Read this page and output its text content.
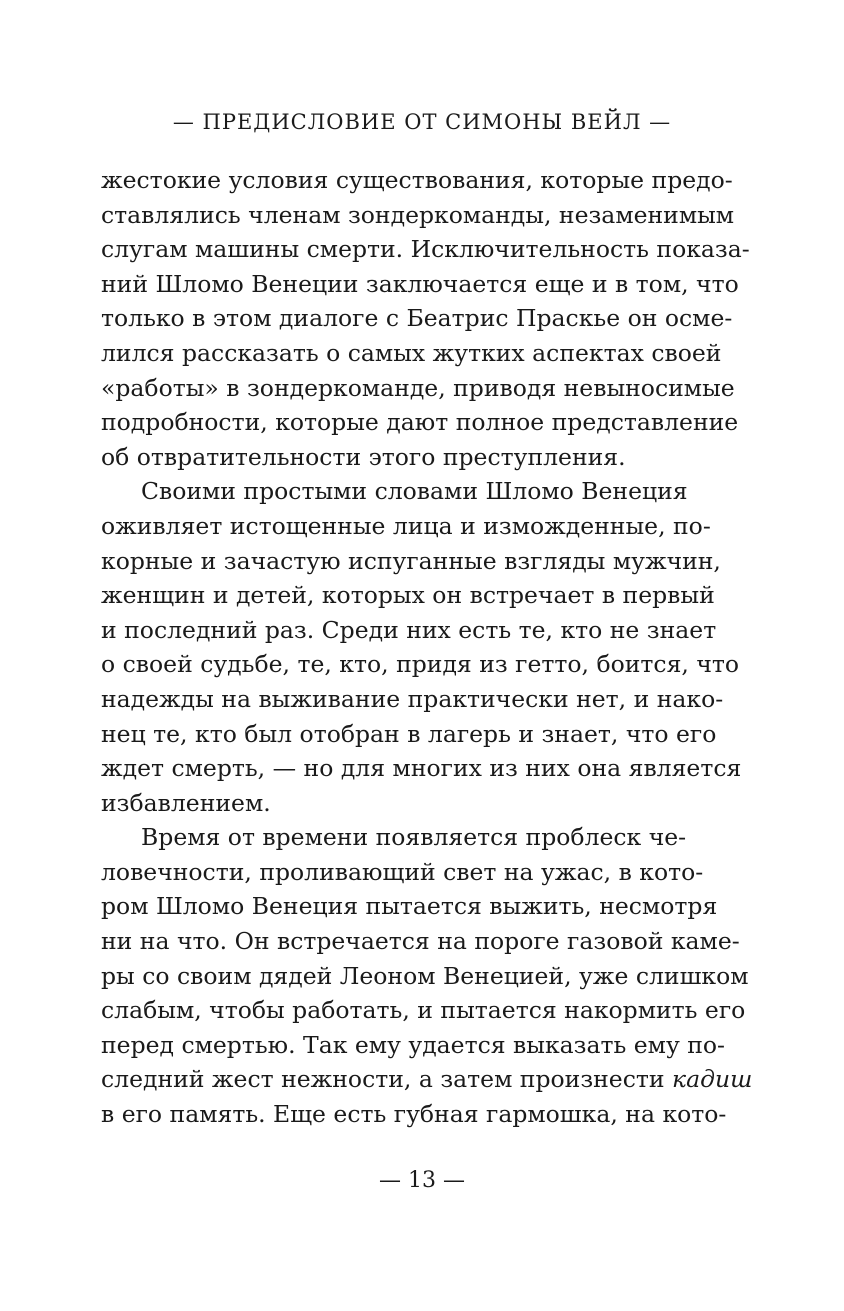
— ПРЕДИСЛОВИЕ ОТ СИМОНЫ ВЕЙЛ —
жестокие условия существования, которые предо-
ставлялись членам зондеркоманды, незаменимым
слугам машины смерти. Исключительность показа-
ний Шломо Венеции заключается еще и в том, что
только в этом диалоге с Беатрис Праскье он осме-
лился рассказать о самых жутких аспектах своей
«работы» в зондеркоманде, приводя невыносимые
подробности, которые дают полное представление
об отвратительности этого преступления.
Своими простыми словами Шломо Венеция
оживляет истощенные лица и изможденные, по-
корные и зачастую испуганные взгляды мужчин,
женщин и детей, которых он встречает в первый
и последний раз. Среди них есть те, кто не знает
о своей судьбе, те, кто, придя из гетто, боится, что
надежды на выживание практически нет, и нако-
нец те, кто был отобран в лагерь и знает, что его
ждет смерть, — но для многих из них она является
избавлением.
Время от времени появляется проблеск че-
ловечности, проливающий свет на ужас, в кото-
ром Шломо Венеция пытается выжить, несмотря
ни на что. Он встречается на пороге газовой каме-
ры со своим дядей Леоном Венецией, уже слишком
слабым, чтобы работать, и пытается накормить его
перед смертью. Так ему удается выказать ему по-
следний жест нежности, а затем произнести кадиш
в его память. Еще есть губная гармошка, на кото-
— 13 —
